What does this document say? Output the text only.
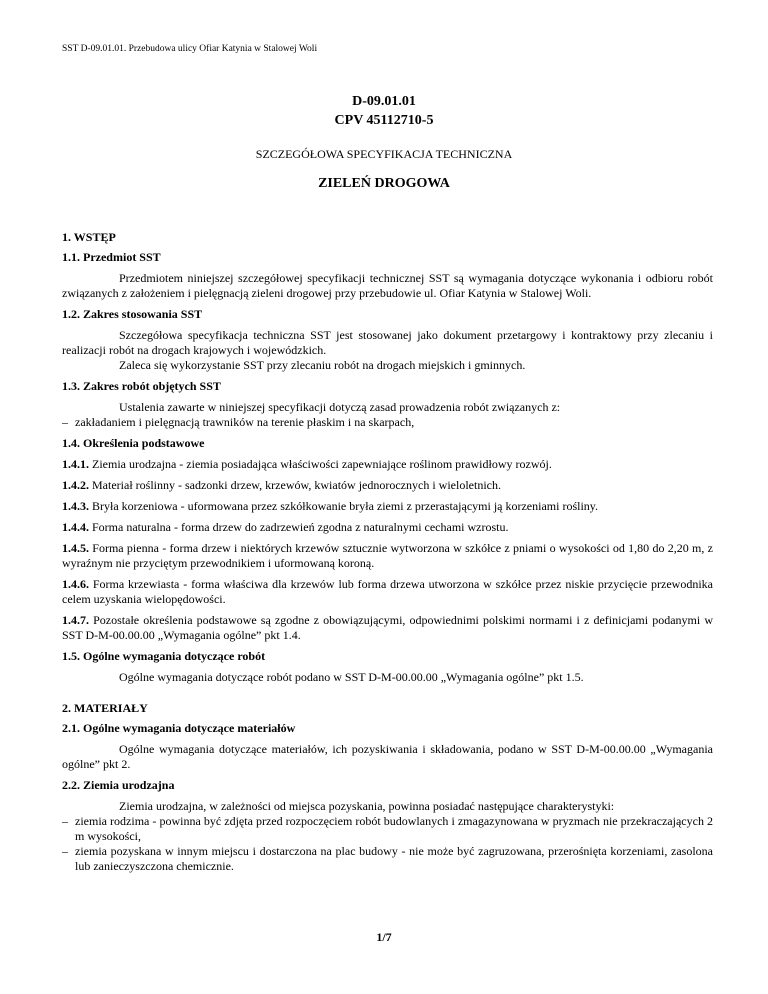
SST D-09.01.01. Przebudowa ulicy Ofiar Katynia w Stalowej Woli
D-09.01.01
CPV 45112710-5
SZCZEGÓŁOWA SPECYFIKACJA TECHNICZNA
ZIELEŃ DROGOWA
1. WSTĘP
1.1. Przedmiot SST
Przedmiotem niniejszej szczegółowej specyfikacji technicznej SST są wymagania dotyczące wykonania i odbioru robót związanych z założeniem i pielęgnacją zieleni drogowej przy przebudowie ul. Ofiar Katynia w Stalowej Woli.
1.2. Zakres stosowania SST
Szczegółowa specyfikacja techniczna SST jest stosowanej jako dokument przetargowy i kontraktowy przy zlecaniu i realizacji robót na drogach krajowych i wojewódzkich.
Zaleca się wykorzystanie SST przy zlecaniu robót na drogach miejskich i gminnych.
1.3. Zakres robót objętych SST
Ustalenia zawarte w niniejszej specyfikacji dotyczą zasad prowadzenia robót związanych z:
– zakładaniem i pielęgnacją trawników na terenie płaskim i na skarpach,
1.4. Określenia podstawowe
1.4.1. Ziemia urodzajna - ziemia posiadająca właściwości zapewniające roślinom prawidłowy rozwój.
1.4.2. Materiał roślinny - sadzonki drzew, krzewów, kwiatów jednorocznych i wieloletnich.
1.4.3. Bryła korzeniowa - uformowana przez szkółkowanie bryła ziemi z przerastającymi ją korzeniami rośliny.
1.4.4. Forma naturalna - forma drzew do zadrzewień zgodna z naturalnymi cechami wzrostu.
1.4.5. Forma pienna - forma drzew i niektórych krzewów sztucznie wytworzona w szkółce z pniami o wysokości od 1,80 do 2,20 m, z wyraźnym nie przyciętym przewodnikiem i uformowaną koroną.
1.4.6. Forma krzewiasta - forma właściwa dla krzewów lub forma drzewa utworzona w szkółce przez niskie przycięcie przewodnika celem uzyskania wielopędowości.
1.4.7. Pozostałe określenia podstawowe są zgodne z obowiązującymi, odpowiednimi polskimi normami i z definicjami podanymi w SST D-M-00.00.00 „Wymagania ogólne” pkt 1.4.
1.5. Ogólne wymagania dotyczące robót
Ogólne wymagania dotyczące robót podano w SST D-M-00.00.00 „Wymagania ogólne” pkt 1.5.
2. MATERIAŁY
2.1. Ogólne wymagania dotyczące materiałów
Ogólne wymagania dotyczące materiałów, ich pozyskiwania i składowania, podano w SST D-M-00.00.00 „Wymagania ogólne” pkt 2.
2.2. Ziemia urodzajna
Ziemia urodzajna, w zależności od miejsca pozyskania, powinna posiadać następujące charakterystyki:
– ziemia rodzima - powinna być zdjęta przed rozpoczęciem robót budowlanych i zmagazynowana w pryzmach nie przekraczających 2 m wysokości,
– ziemia pozyskana w innym miejscu i dostarczona na plac budowy - nie może być zagruzowana, przerośnięta korzeniami, zasolona lub zanieczyszczona chemicznie.
1/7
